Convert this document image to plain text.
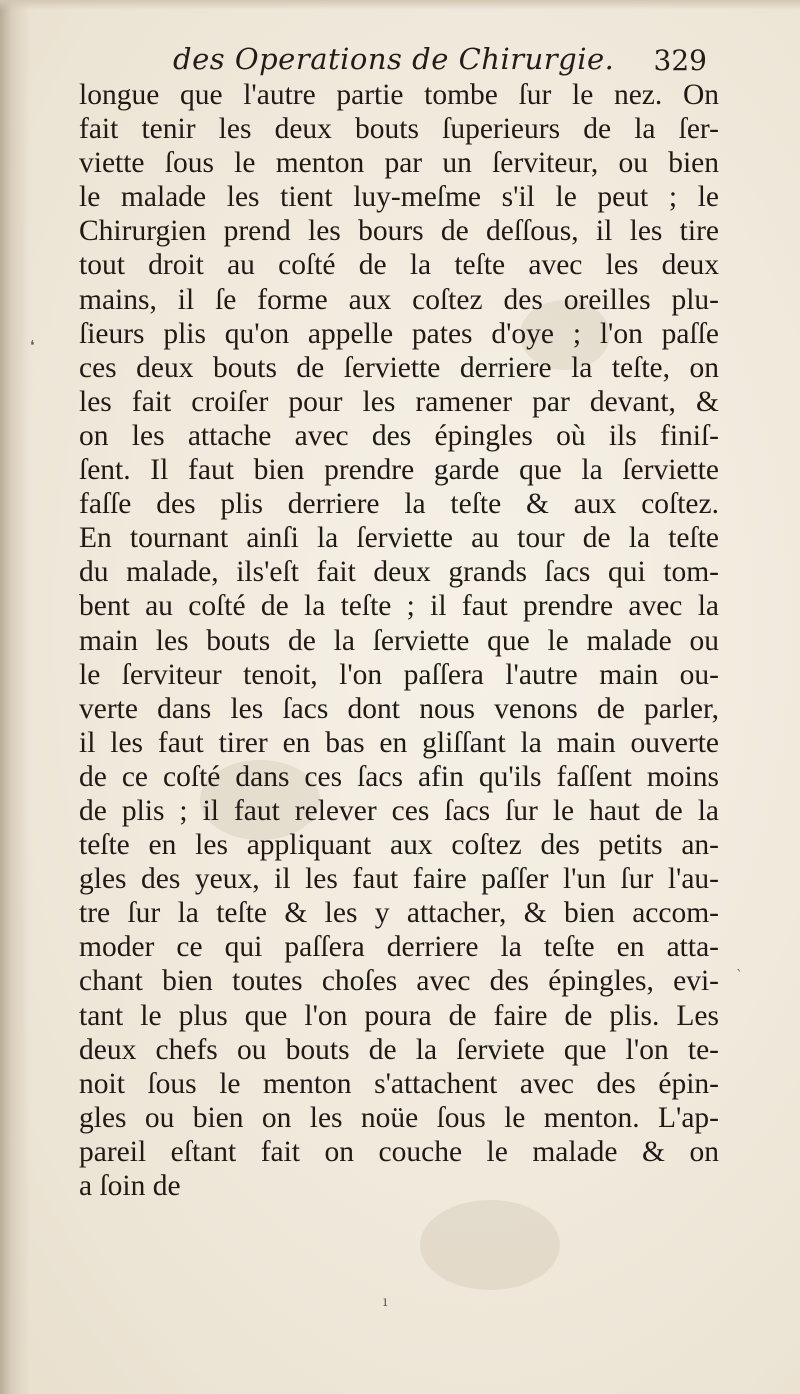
des Operations de Chirurgie. 329
longue que l'autre partie tombe ſur le nez. On
fait tenir les deux bouts ſuperieurs de la ſer-
viette ſous le menton par un ſerviteur, ou bien
le malade les tient luy-meſme s'il le peut ; le
Chirurgien prend les bours de deſſous, il les tire
tout droit au coſté de la teſte avec les deux
mains, il ſe forme aux coſtez des oreilles plu-
ſieurs plis qu'on appelle pates d'oye ; l'on paſſe
ces deux bouts de ſerviette derriere la teſte, on
les fait croiſer pour les ramener par devant, &
on les attache avec des épingles où ils finiſ-
ſent. Il faut bien prendre garde que la ſerviette
faſſe des plis derriere la teſte & aux coſtez.
En tournant ainſi la ſerviette au tour de la teſte
du malade, ils'eſt fait deux grands ſacs qui tom-
bent au coſté de la teſte ; il faut prendre avec la
main les bouts de la ſerviette que le malade ou
le ſerviteur tenoit, l'on paſſera l'autre main ou-
verte dans les ſacs dont nous venons de parler,
il les faut tirer en bas en gliſſant la main ouverte
de ce coſté dans ces ſacs afin qu'ils faſſent moins
de plis ; il faut relever ces ſacs ſur le haut de la
teſte en les appliquant aux coſtez des petits an-
gles des yeux, il les faut faire paſſer l'un ſur l'au-
tre ſur la teſte & les y attacher, & bien accom-
moder ce qui paſſera derriere la teſte en atta-
chant bien toutes choſes avec des épingles, evi-
tant le plus que l'on poura de faire de plis. Les
deux chefs ou bouts de la ſerviete que l'on te-
noit ſous le menton s'attachent avec des épin-
gles ou bien on les noüe ſous le menton. L'ap-
pareil eſtant fait on couche le malade & on
a ſoin de
❛
ˋ
ı
